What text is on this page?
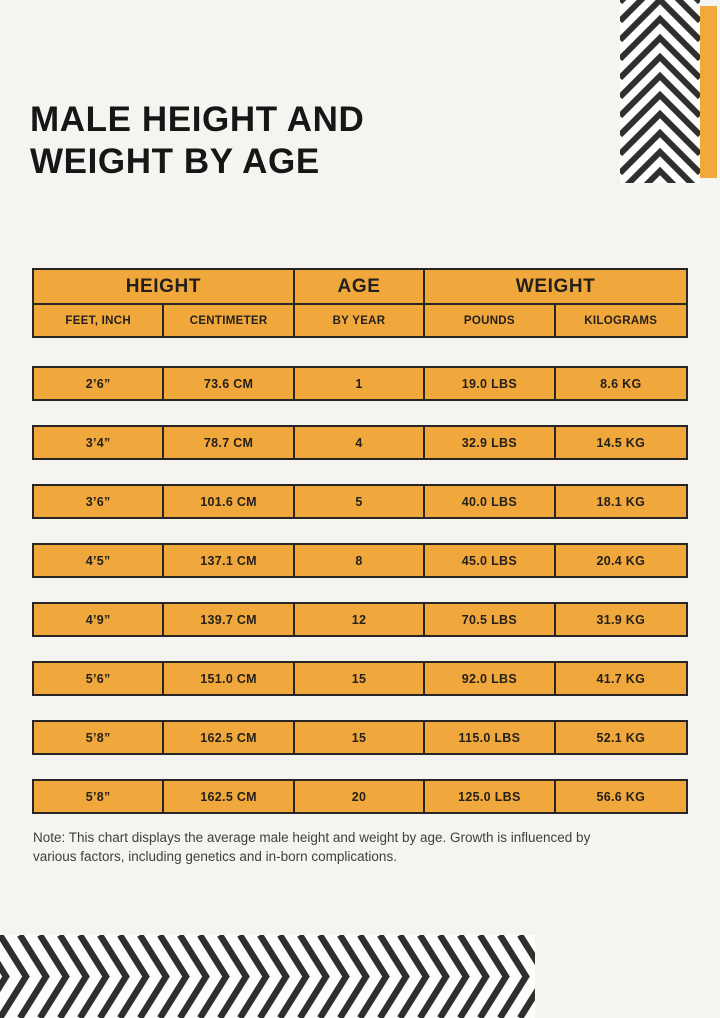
MALE HEIGHT AND
WEIGHT BY AGE
HEIGHT	AGE	WEIGHT
FEET, INCH	CENTIMETER	BY YEAR	POUNDS	KILOGRAMS
2’6”	73.6 CM	1	19.0 LBS	8.6 KG
3’4”	78.7 CM	4	32.9 LBS	14.5 KG
3’6”	101.6 CM	5	40.0 LBS	18.1 KG
4’5”	137.1 CM	8	45.0 LBS	20.4 KG
4’9”	139.7 CM	12	70.5 LBS	31.9 KG
5’6”	151.0 CM	15	92.0 LBS	41.7 KG
5’8”	162.5 CM	15	115.0 LBS	52.1 KG
5’8”	162.5 CM	20	125.0 LBS	56.6 KG

Note: This chart displays the average male height and weight by age. Growth is influenced by various factors, including genetics and in-born complications.
